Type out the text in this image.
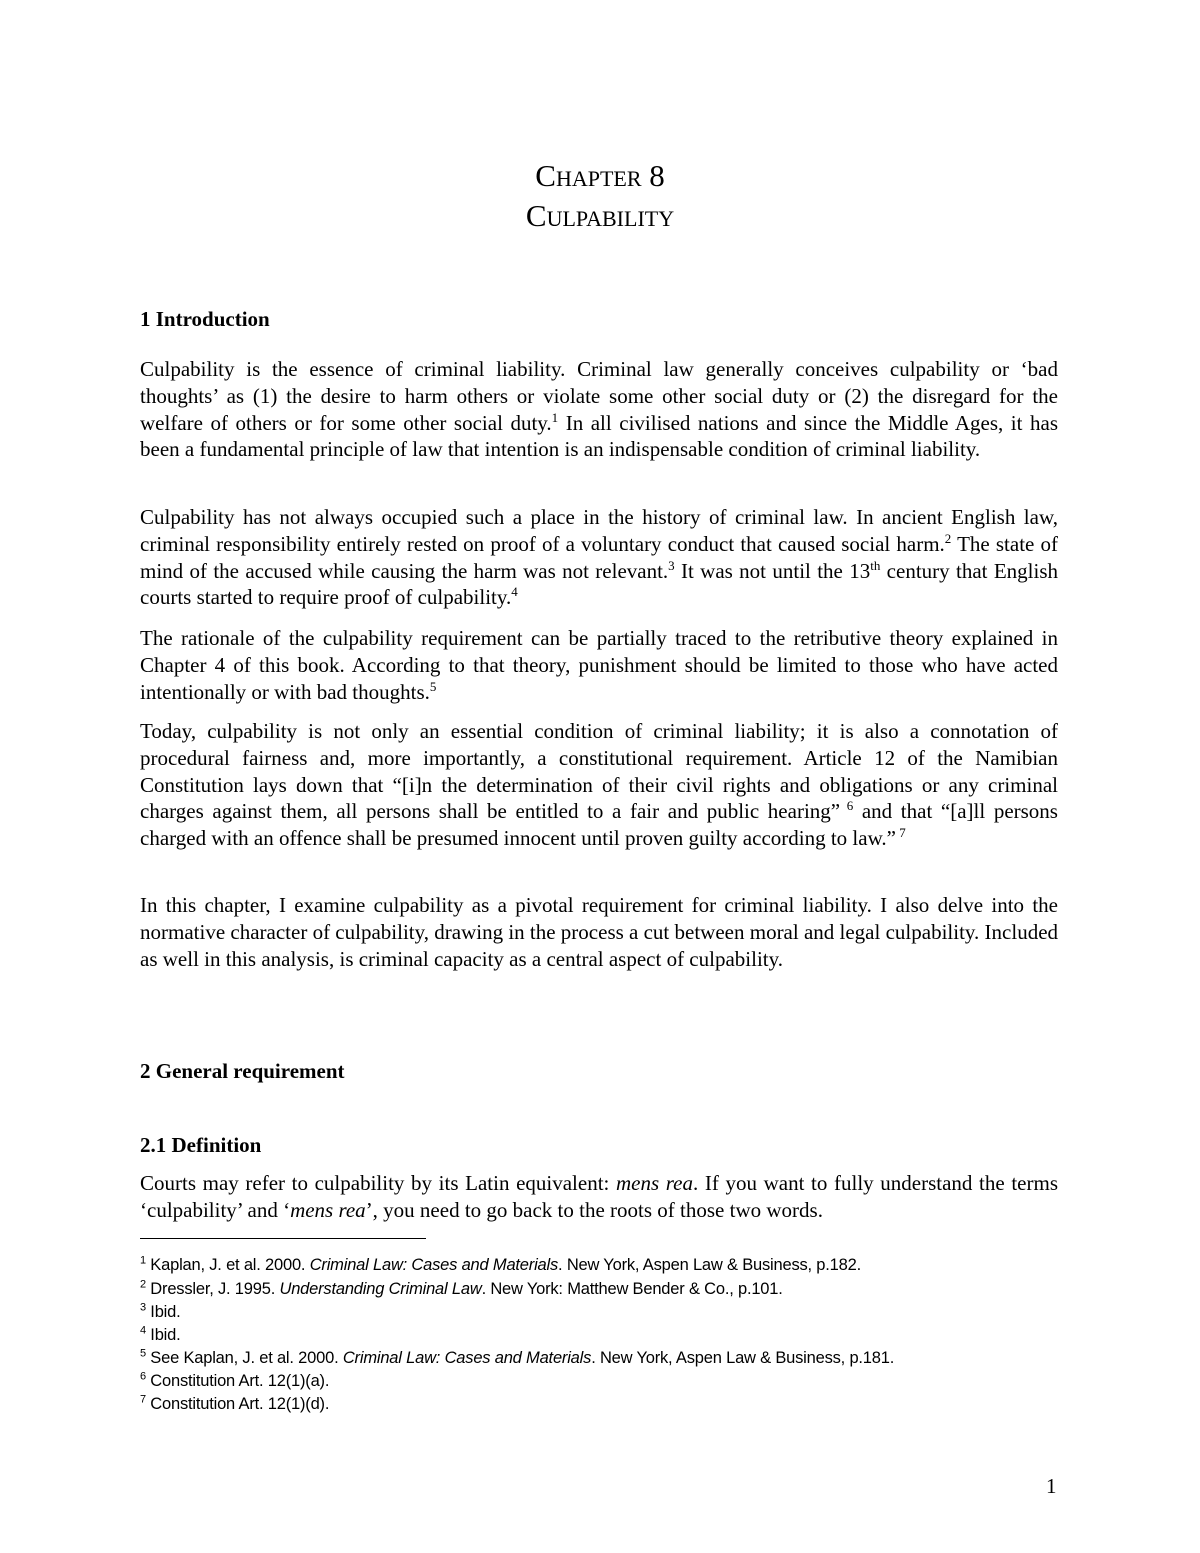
Chapter 8
Culpability
1 Introduction

Culpability is the essence of criminal liability. Criminal law generally conceives culpability or ‘bad thoughts’ as (1) the desire to harm others or violate some other social duty or (2) the disregard for the welfare of others or for some other social duty.$^1$ In all civilised nations and since the Middle Ages, it has been a fundamental principle of law that intention is an indispensable condition of criminal liability.

Culpability has not always occupied such a place in the history of criminal law. In ancient English law, criminal responsibility entirely rested on proof of a voluntary conduct that caused social harm.$^2$ The state of mind of the accused while causing the harm was not relevant.$^3$ It was not until the 13th century that English courts started to require proof of culpability.$^4$

The rationale of the culpability requirement can be partially traced to the retributive theory explained in Chapter 4 of this book. According to that theory, punishment should be limited to those who have acted intentionally or with bad thoughts.$^5$

Today, culpability is not only an essential condition of criminal liability; it is also a connotation of procedural fairness and, more importantly, a constitutional requirement. Article 12 of the Namibian Constitution lays down that “[i]n the determination of their civil rights and obligations or any criminal charges against them, all persons shall be entitled to a fair and public hearing” $^6$ and that “[a]ll persons charged with an offence shall be presumed innocent until proven guilty according to law.” $^7$

In this chapter, I examine culpability as a pivotal requirement for criminal liability. I also delve into the normative character of culpability, drawing in the process a cut between moral and legal culpability. Included as well in this analysis, is criminal capacity as a central aspect of culpability.

2 General requirement
2.1 Definition

Courts may refer to culpability by its Latin equivalent: mens rea. If you want to fully understand the terms ‘culpability’ and ‘mens rea’, you need to go back to the roots of those two words.

$^1$ Kaplan, J. et al. 2000. Criminal Law: Cases and Materials. New York, Aspen Law & Business, p.182.

$^2$ Dressler, J. 1995. Understanding Criminal Law. New York: Matthew Bender & Co., p.101.

$^3$ Ibid.

$^4$ Ibid.

$^5$ See Kaplan, J. et al. 2000. Criminal Law: Cases and Materials. New York, Aspen Law & Business, p.181.

$^6$ Constitution Art. 12(1)(a).

$^7$ Constitution Art. 12(1)(d).

1
